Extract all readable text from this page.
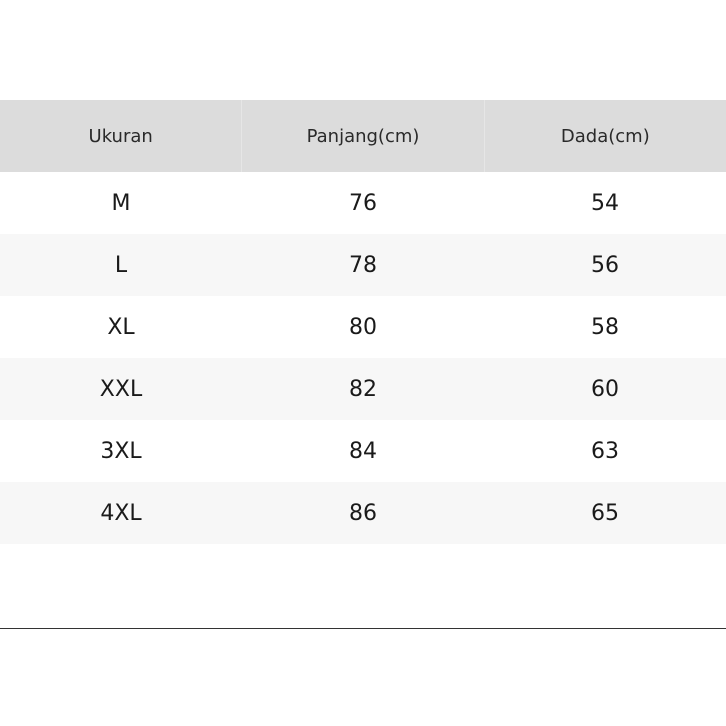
Ukuran	Panjang(cm)	Dada(cm)
M	76	54
L	78	56
XL	80	58
XXL	82	60
3XL	84	63
4XL	86	65
